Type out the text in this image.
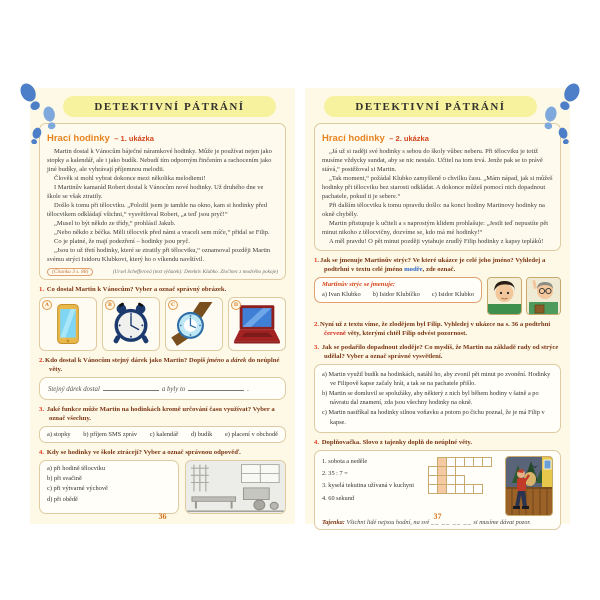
DETEKTIVNÍ PÁTRÁNÍ
Hrací hodinky – 1. ukázka

Martin dostal k Vánocům báječné náramkové hodinky. Může je používat nejen jako stopky a kalendář, ale i jako budík. Nebudí tím odporným řinčením a rachocením jako jiné budíky, ale vyhrávají příjemnou melodii.

Člověk si mohl vybrat dokonce mezi několika melodiemi!

I Martinův kamarád Robert dostal k Vánocům nové hodinky. Už druhého dne ve škole se však ztratily.

Došlo k tomu při tělocviku. „Položil jsem je tamhle na okno, kam si hodinky před tělocvikem odkládají všichni,“ vysvětloval Robert, „a teď jsou pryč!“

„Musel to být někdo ze třídy,“ prohlásil Jakub.

„Nebo někdo z béčka. Měli tělocvik před námi a vraceli sem míče,“ přidal se Filip.

Co je platné, že mají podezření – hodinky jsou pryč.

„Jsou to už třetí hodinky, které se ztratily při tělocviku,“ oznamoval později Martin svému strýci Isidoru Klubkovi, který ho o víkendu navštívil.

(Čítanka 3 s. 88)	(Ursel Schefferová (text výňatek): Detektiv Klubko. Zločinec z modrého pokoje)
1. Co dostal Martin k Vánocům? Vyber a označ správný obrázek.
A	B	C	D
2.Kdo dostal k Vánocům stejný dárek jako Martin? Dopiš jméno a dárek do neúplné věty.
Stejný dárek dostal	a byly to	.
3. Jaké funkce může Martin na hodinkách kromě určování času využívat? Vyber a označ všechny.
a) stopky b) příjem SMS zpráv c) kalendář d) budík e) placení v obchodě
4. Kdy se hodinky ve škole ztrácejí? Vyber a označ správnou odpověď.
a) při hodině tělocviku
b) při svačině
c) při výtvarné výchově
d) při obědě
36
DETEKTIVNÍ PÁTRÁNÍ
Hrací hodinky – 2. ukázka

„Já už si raději své hodinky s sebou do školy vůbec neberu. Při tělocviku je totiž musíme vždycky sundat, aby se nic nestalo. Učitel na tom trvá. Jenže pak se to právě stává,“ postěžoval si Martin.

„Tak moment,“ požádal Klubko zamyšleně o chvilku času. „Mám nápad, jak si můžeš hodinky při tělocviku bez starosti odkládat. A dokonce můžeš pomocí nich dopadnout pachatele, pokud ti je sebere.“

Při dalším tělocviku k tomu opravdu došlo: na konci hodiny Martinovy hodinky na okně chyběly.

Martin přistupuje k učiteli a s naprostým klidem prohlašuje: „Jestli teď nepustíte pět minut nikoho z tělocvičny, dozvíme se, kdo má mé hodinky!“

A měl pravdu! O pět minut později vytahuje zrudlý Filip hodinky z kapsy tepláků!

1.Jak se jmenuje Martinův strýc? Ve které ukázce je celé jeho jméno? Vyhledej a podtrhni v textu celé jméno modře, zde označ.
Martinův strýc se jmenuje:
a) Ivan Klubko b) Isidor Klubíčko c) Isidor Klubko
2.Nyní už z textu víme, že zlodějem byl Filip. Vyhledej v ukázce na s. 36 a podtrhni červeně věty, kterými chtěl Filip odvést pozornost.
3. Jak se podařilo dopadnout zloděje? Co myslíš, že Martin na základě rady od strýce udělal? Vyber a označ správné vysvětlení.
a) Martin využil budík na hodinkách, natáhl ho, aby zvonil pět minut po zvonění. Hodinky ve Filipově kapse začaly hrát, a tak se na pachatele přišlo.
b) Martin se domluvil se spolužáky, aby některý z nich byl během hodiny v šatně a po návratu dal znamení, zda jsou všechny hodinky na okně.
c) Martin nastříkal na hodinky silnou voňavku a potom po čichu poznal, že je má Filip v kapse.
4. Doplňovačka. Slovo z tajenky doplň do neúplné věty.
1. sobota a neděle
2. 35 : 7 =
3. kyselá tekutina užívaná v kuchyni
4. 60 sekund
Tajenka: Všichni lidé nejsou hodní, na své __ __ __ __ si musíme dávat pozor.
37
